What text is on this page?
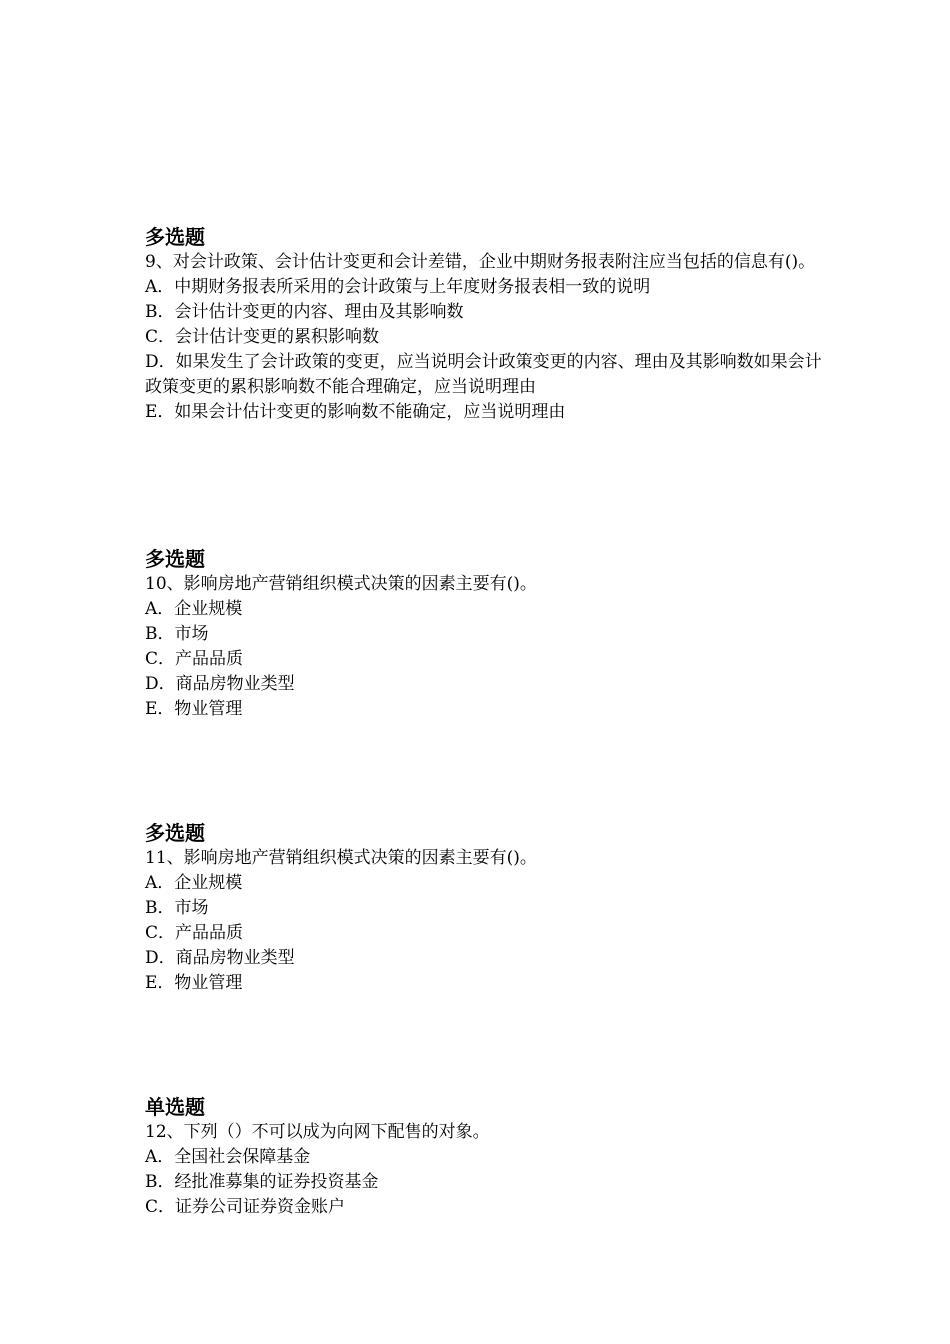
多选题
9、对会计政策、会计估计变更和会计差错，企业中期财务报表附注应当包括的信息有()。
A．中期财务报表所采用的会计政策与上年度财务报表相一致的说明
B．会计估计变更的内容、理由及其影响数
C．会计估计变更的累积影响数
D．如果发生了会计政策的变更，应当说明会计政策变更的内容、理由及其影响数如果会计政策变更的累积影响数不能合理确定，应当说明理由
E．如果会计估计变更的影响数不能确定，应当说明理由
多选题
10、影响房地产营销组织模式决策的因素主要有()。
A．企业规模
B．市场
C．产品品质
D．商品房物业类型
E．物业管理
多选题
11、影响房地产营销组织模式决策的因素主要有()。
A．企业规模
B．市场
C．产品品质
D．商品房物业类型
E．物业管理
单选题
12、下列（）不可以成为向网下配售的对象。
A．全国社会保障基金
B．经批准募集的证券投资基金
C．证券公司证券资金账户
